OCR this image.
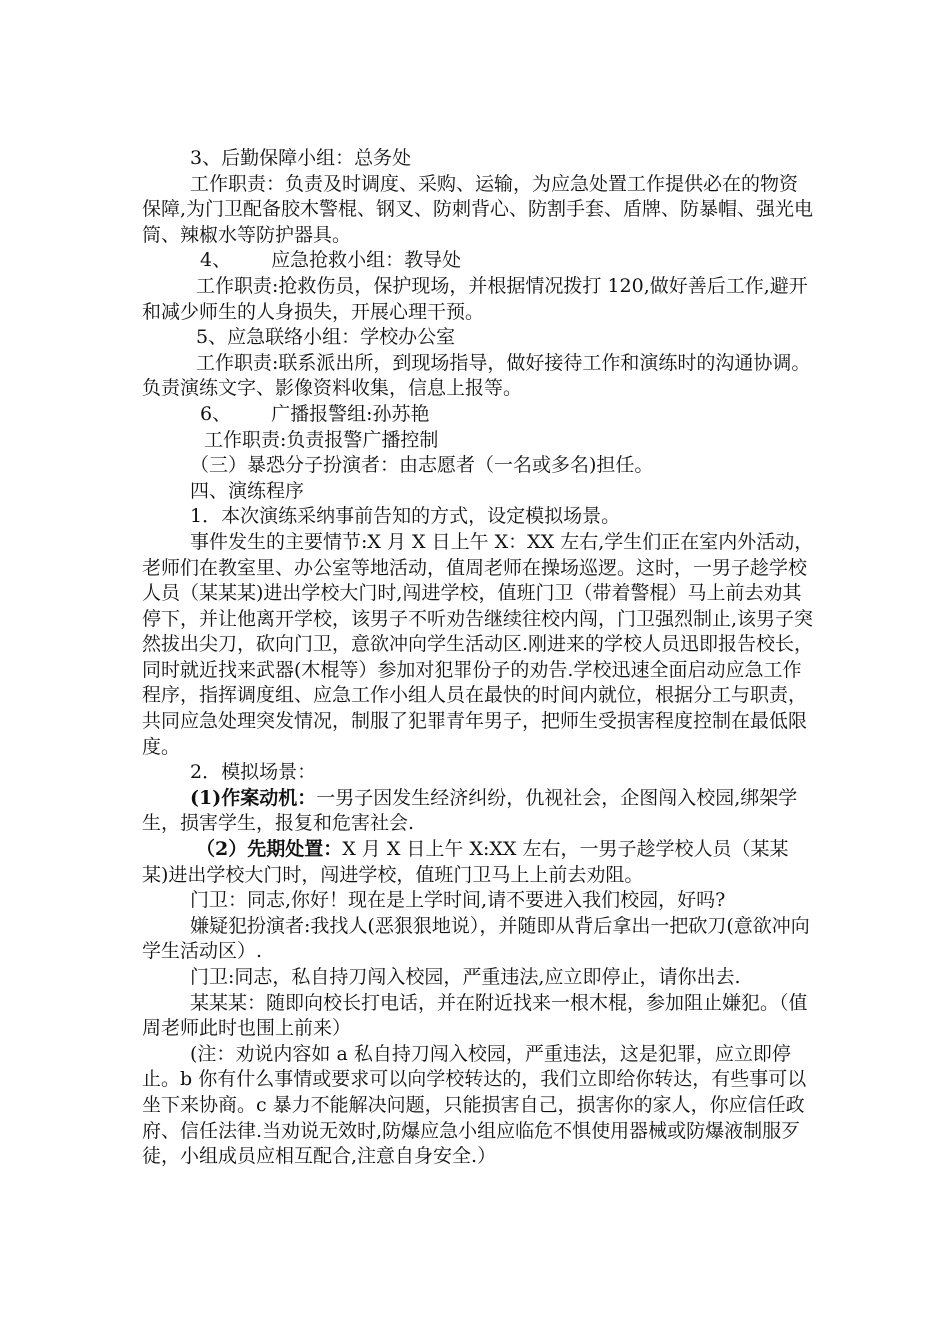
3、后勤保障小组：总务处

工作职责：负责及时调度、采购、运输，为应急处置工作提供必在的物资保障,为门卫配备胶木警棍、钢叉、防刺背心、防割手套、盾牌、防暴帽、强光电筒、辣椒水等防护器具。

4、 应急抢救小组：教导处

工作职责:抢救伤员，保护现场，并根据情况拨打 120,做好善后工作,避开和减少师生的人身损失，开展心理干预。

5、应急联络小组：学校办公室

工作职责:联系派出所，到现场指导，做好接待工作和演练时的沟通协调。负责演练文字、影像资料收集，信息上报等。

6、 广播报警组:孙苏艳

工作职责:负责报警广播控制

（三）暴恐分子扮演者：由志愿者（一名或多名)担任。

四、演练程序

1．本次演练采纳事前告知的方式，设定模拟场景。

事件发生的主要情节:X 月 X 日上午 X：XX 左右,学生们正在室内外活动，老师们在教室里、办公室等地活动，值周老师在操场巡逻。这时，一男子趁学校人员（某某某)进出学校大门时,闯进学校，值班门卫（带着警棍）马上前去劝其停下，并让他离开学校，该男子不听劝告继续往校内闯，门卫强烈制止,该男子突然拔出尖刀，砍向门卫，意欲冲向学生活动区.刚进来的学校人员迅即报告校长，同时就近找来武器(木棍等）参加对犯罪份子的劝告.学校迅速全面启动应急工作程序，指挥调度组、应急工作小组人员在最快的时间内就位，根据分工与职责，共同应急处理突发情况，制服了犯罪青年男子，把师生受损害程度控制在最低限度。

2．模拟场景：

(1)作案动机：一男子因发生经济纠纷，仇视社会，企图闯入校园,绑架学生，损害学生，报复和危害社会.

（2）先期处置：X 月 X 日上午 X:XX 左右，一男子趁学校人员（某某某)进出学校大门时，闯进学校，值班门卫马上上前去劝阻。

门卫：同志,你好！现在是上学时间,请不要进入我们校园，好吗?

嫌疑犯扮演者:我找人(恶狠狠地说），并随即从背后拿出一把砍刀(意欲冲向学生活动区）.

门卫:同志，私自持刀闯入校园，严重违法,应立即停止，请你出去.

某某某：随即向校长打电话，并在附近找来一根木棍，参加阻止嫌犯。（值周老师此时也围上前来）

(注：劝说内容如 a 私自持刀闯入校园，严重违法，这是犯罪，应立即停止。b 你有什么事情或要求可以向学校转达的，我们立即给你转达，有些事可以坐下来协商。c 暴力不能解决问题，只能损害自己，损害你的家人，你应信任政府、信任法律.当劝说无效时,防爆应急小组应临危不惧使用器械或防爆液制服歹徒，小组成员应相互配合,注意自身安全.）
